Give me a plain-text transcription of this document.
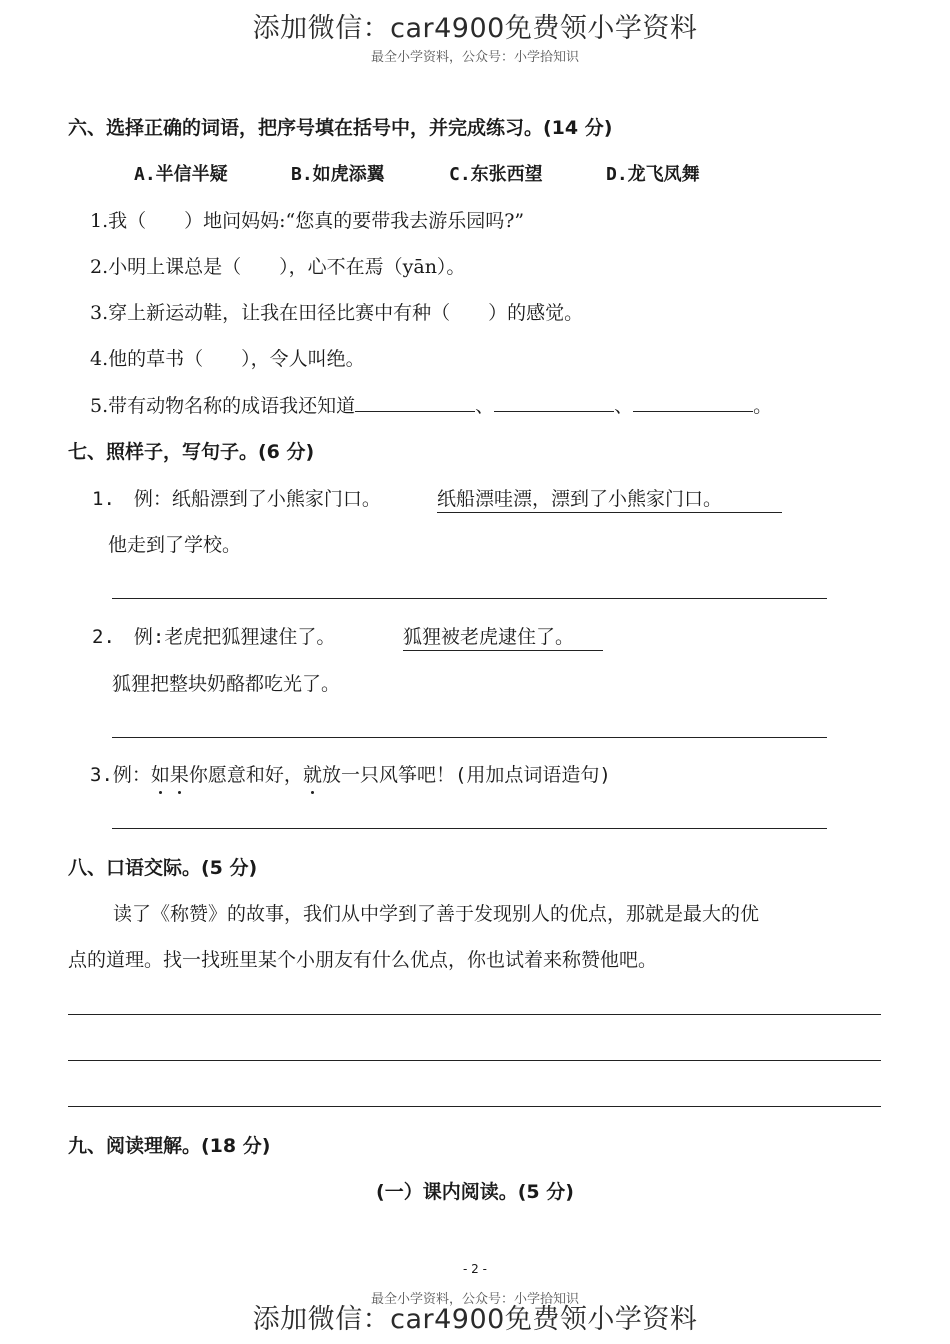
添加微信：car4900免费领小学资料
最全小学资料，公众号：小学拾知识
六、选择正确的词语，把序号填在括号中，并完成练习。(14 分)
A.半信半疑	B.如虎添翼	C.东张西望	D.龙飞凤舞
1.我（　　）地问妈妈:“您真的要带我去游乐园吗?”
2.小明上课总是（　　），心不在焉（yān）。
3.穿上新运动鞋，让我在田径比赛中有种（　　）的感觉。
4.他的草书（　　），令人叫绝。
5.带有动物名称的成语我还知道	、	、	。
七、照样子，写句子。(6 分)
1.　例：纸船漂到了小熊家门口。	纸船漂哇漂，漂到了小熊家门口。
他走到了学校。
2.　例:老虎把狐狸逮住了。	狐狸被老虎逮住了。
狐狸把整块奶酪都吃光了。
3.例：如果你愿意和好，就放一只风筝吧！(用加点词语造句)
八、口语交际。(5 分)
读了《称赞》的故事，我们从中学到了善于发现别人的优点，那就是最大的优
点的道理。找一找班里某个小朋友有什么优点，你也试着来称赞他吧。
九、阅读理解。(18 分)
(一）课内阅读。(5 分)
- 2 -
最全小学资料，公众号：小学拾知识
添加微信：car4900免费领小学资料
